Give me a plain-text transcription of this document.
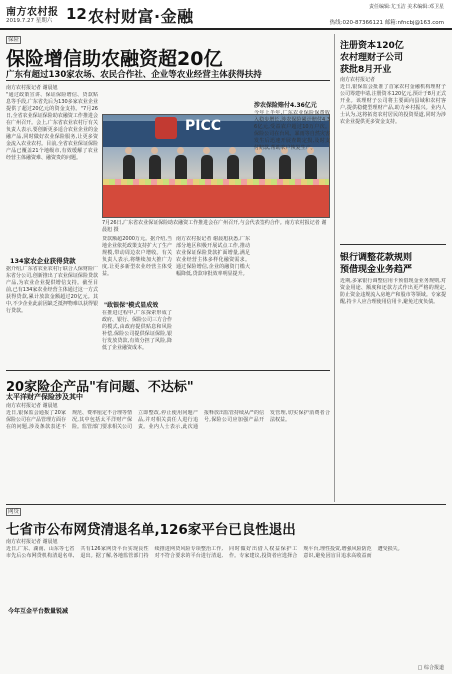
南方农村报
2019.7.27 星期六 12 农村财富·金融	责任编辑:尤玉洁 美术编辑:邓卫星
热线:020-87366121 邮箱:nfncbj@163.com
保险
保险增信助农融资超20亿
广东有超过130家农场、农民合作社、企业等农业经营主体获得扶持
南方农村报记者 谢晨旭
"通过政策宣讲、保证保险增信、贷款贴息等手段,广东省先后为130多家农业企业提供了超过20亿元的资金支持。"7月26日,全省农业保证保险助农融资工作推进会在广州召开。会上,广东省农业农村厅有关负责人表示,要创新更多适合农业企业的金融产品,同时做好农业保险服务,让更多资金流入农业农村。目前,全省农业保证保险产品已覆盖21个地级市,有效缓解了农业经营主体融资难、融资贵的问题。
134家农企业获得贷款
据介绍,广东省农业农村厅联合人保财险广东省分公司,创新推出了农业保证保险贷款产品,为农业企业提供增信支持。截至目前,已有134家农业经营主体通过这一方式获得贷款,累计放款金额超过20亿元。其中,不少企业此前因缺乏抵押物难以获得银行贷款。
PICC
7月26日,广东省农业保证保险助农融资工作推进会在广州召开,与会代表签约合作。南方农村报记者 谢晨旭 摄
贷款额超2000万元。据介绍,当地企业依托政策支持扩大了生产规模,带动周边农户增收。有关负责人表示,将继续加大推广力度,让更多新型农业经营主体受益。
"政银保"模式显成效
在推进过程中,广东探索形成了政府、银行、保险公司三方合作的模式,由政府提供贴息和风险补偿,保险公司提供保证保险,银行发放贷款,有效分担了风险,降低了企业融资成本。
南方农村报记者 谢晨旭获悉,广东部分地区积极开展试点工作,推动农业保证保险贷款扩面增量,满足农业经营主体多样化融资需求。通过保险增信,企业的融资门槛大幅降低,贷款审批效率明显提升。
涉农保险赔付4.36亿元
今年上半年,广东农业保险保费收入稳步增长,涉农保险累计赔付4.36亿元,受益农户超过10万户次。保险公司在台风、暴雨等自然灾害发生后迅速开展查勘定损,及时支付赔款,帮助农户恢复生产。
注册资本120亿
农村理财子公司
获批8月开业
南方农村报记者
近日,银保监会批准了首家农村金融机构理财子公司筹建申请,注册资本120亿元,预计于8月正式开业。该理财子公司将主要面向县域和农村客户,提供稳健型理财产品,助力乡村振兴。业内人士认为,这将拓宽农村居民的投资渠道,同时为涉农企业提供更多资金支持。
银行调整花款规则
预借现金业务趋严
近期,多家银行调整信用卡预借现金业务规则,对资金用途、额度和还款方式作出更严格的规定,防止资金违规流入房地产和股市等领域。专家提醒,持卡人应合理使用信用卡,避免过度负债。
20家险企产品"有问题、不达标"
太平洋财产保险涉及其中
南方农村报记者 谢晨旭
近日,银保监会通报了20家保险公司在产品管理方面存在的问题,涉及条款表述不规范、费率厘定不合理等情况,其中包括太平洋财产保险。监管部门要求相关公司立即整改,停止使用问题产品,并对相关责任人进行追责。业内人士表示,此次通报释放出监管持续从严的信号,保险公司应加强产品开发管理,切实保护消费者合法权益。
网贷
七省市公布网贷清退名单,126家平台已良性退出
南方农村报记者 谢晨旭
近日,广东、湖南、山东等七省市先后公布网贷机构清退名单,共有126家网贷平台实现良性退出。据了解,各地监管部门持续推进网贷风险专项整治工作,对不符合要求的平台进行清退,同时做好出借人权益保护工作。专家建议,投资者应选择合规平台,理性投资,增强风险防范意识,避免因盲目追求高收益而遭受损失。
今年互金平台数量锐减
□ 综合报道
